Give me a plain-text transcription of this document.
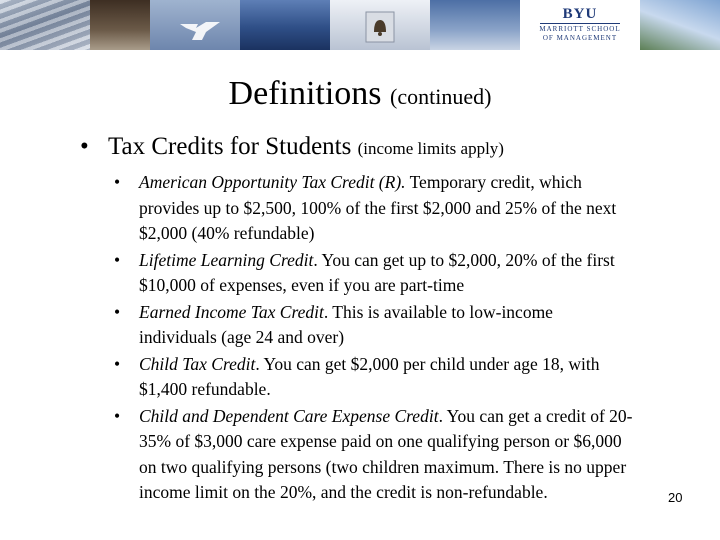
BYU
MARRIOTT SCHOOL
OF MANAGEMENT
Definitions (continued)
• Tax Credits for Students (income limits apply)
• American Opportunity Tax Credit (R). Temporary credit, which provides up to $2,500, 100% of the first $2,000 and 25% of the next $2,000 (40% refundable)
• Lifetime Learning Credit. You can get up to $2,000, 20% of the first $10,000 of expenses, even if you are part-time
• Earned Income Tax Credit. This is available to low-income individuals (age 24 and over)
• Child Tax Credit. You can get $2,000 per child under age 18, with $1,400 refundable.
• Child and Dependent Care Expense Credit. You can get a credit of 20-35% of $3,000 care expense paid on one qualifying person or $6,000 on two qualifying persons (two children maximum. There is no upper income limit on the 20%, and the credit is non-refundable.	20
